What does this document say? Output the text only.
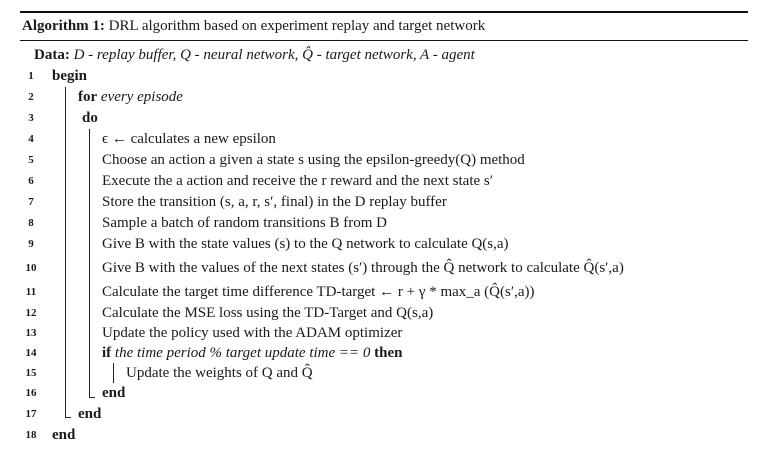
Algorithm 1: DRL algorithm based on experiment replay and target network
Data: D - replay buffer, Q - neural network, Q̂ - target network, A - agent
1	begin
2	for every episode
3	do
4	ϵ ← calculates a new epsilon
5	Choose an action a given a state s using the epsilon-greedy(Q) method
6	Execute the a action and receive the r reward and the next state s′
7	Store the transition (s, a, r, s′, final) in the D replay buffer
8	Sample a batch of random transitions B from D
9	Give B with the state values (s) to the Q network to calculate Q(s,a)
10	Give B with the values of the next states (s′) through the Q̂ network to calculate Q̂(s′,a)
11	Calculate the target time difference TD-target ← r + γ * max_a (Q̂(s′,a))
12	Calculate the MSE loss using the TD-Target and Q(s,a)
13	Update the policy used with the ADAM optimizer
14	if the time period % target update time == 0 then
15	Update the weights of Q and Q̂
16	end
17	end
18	end
